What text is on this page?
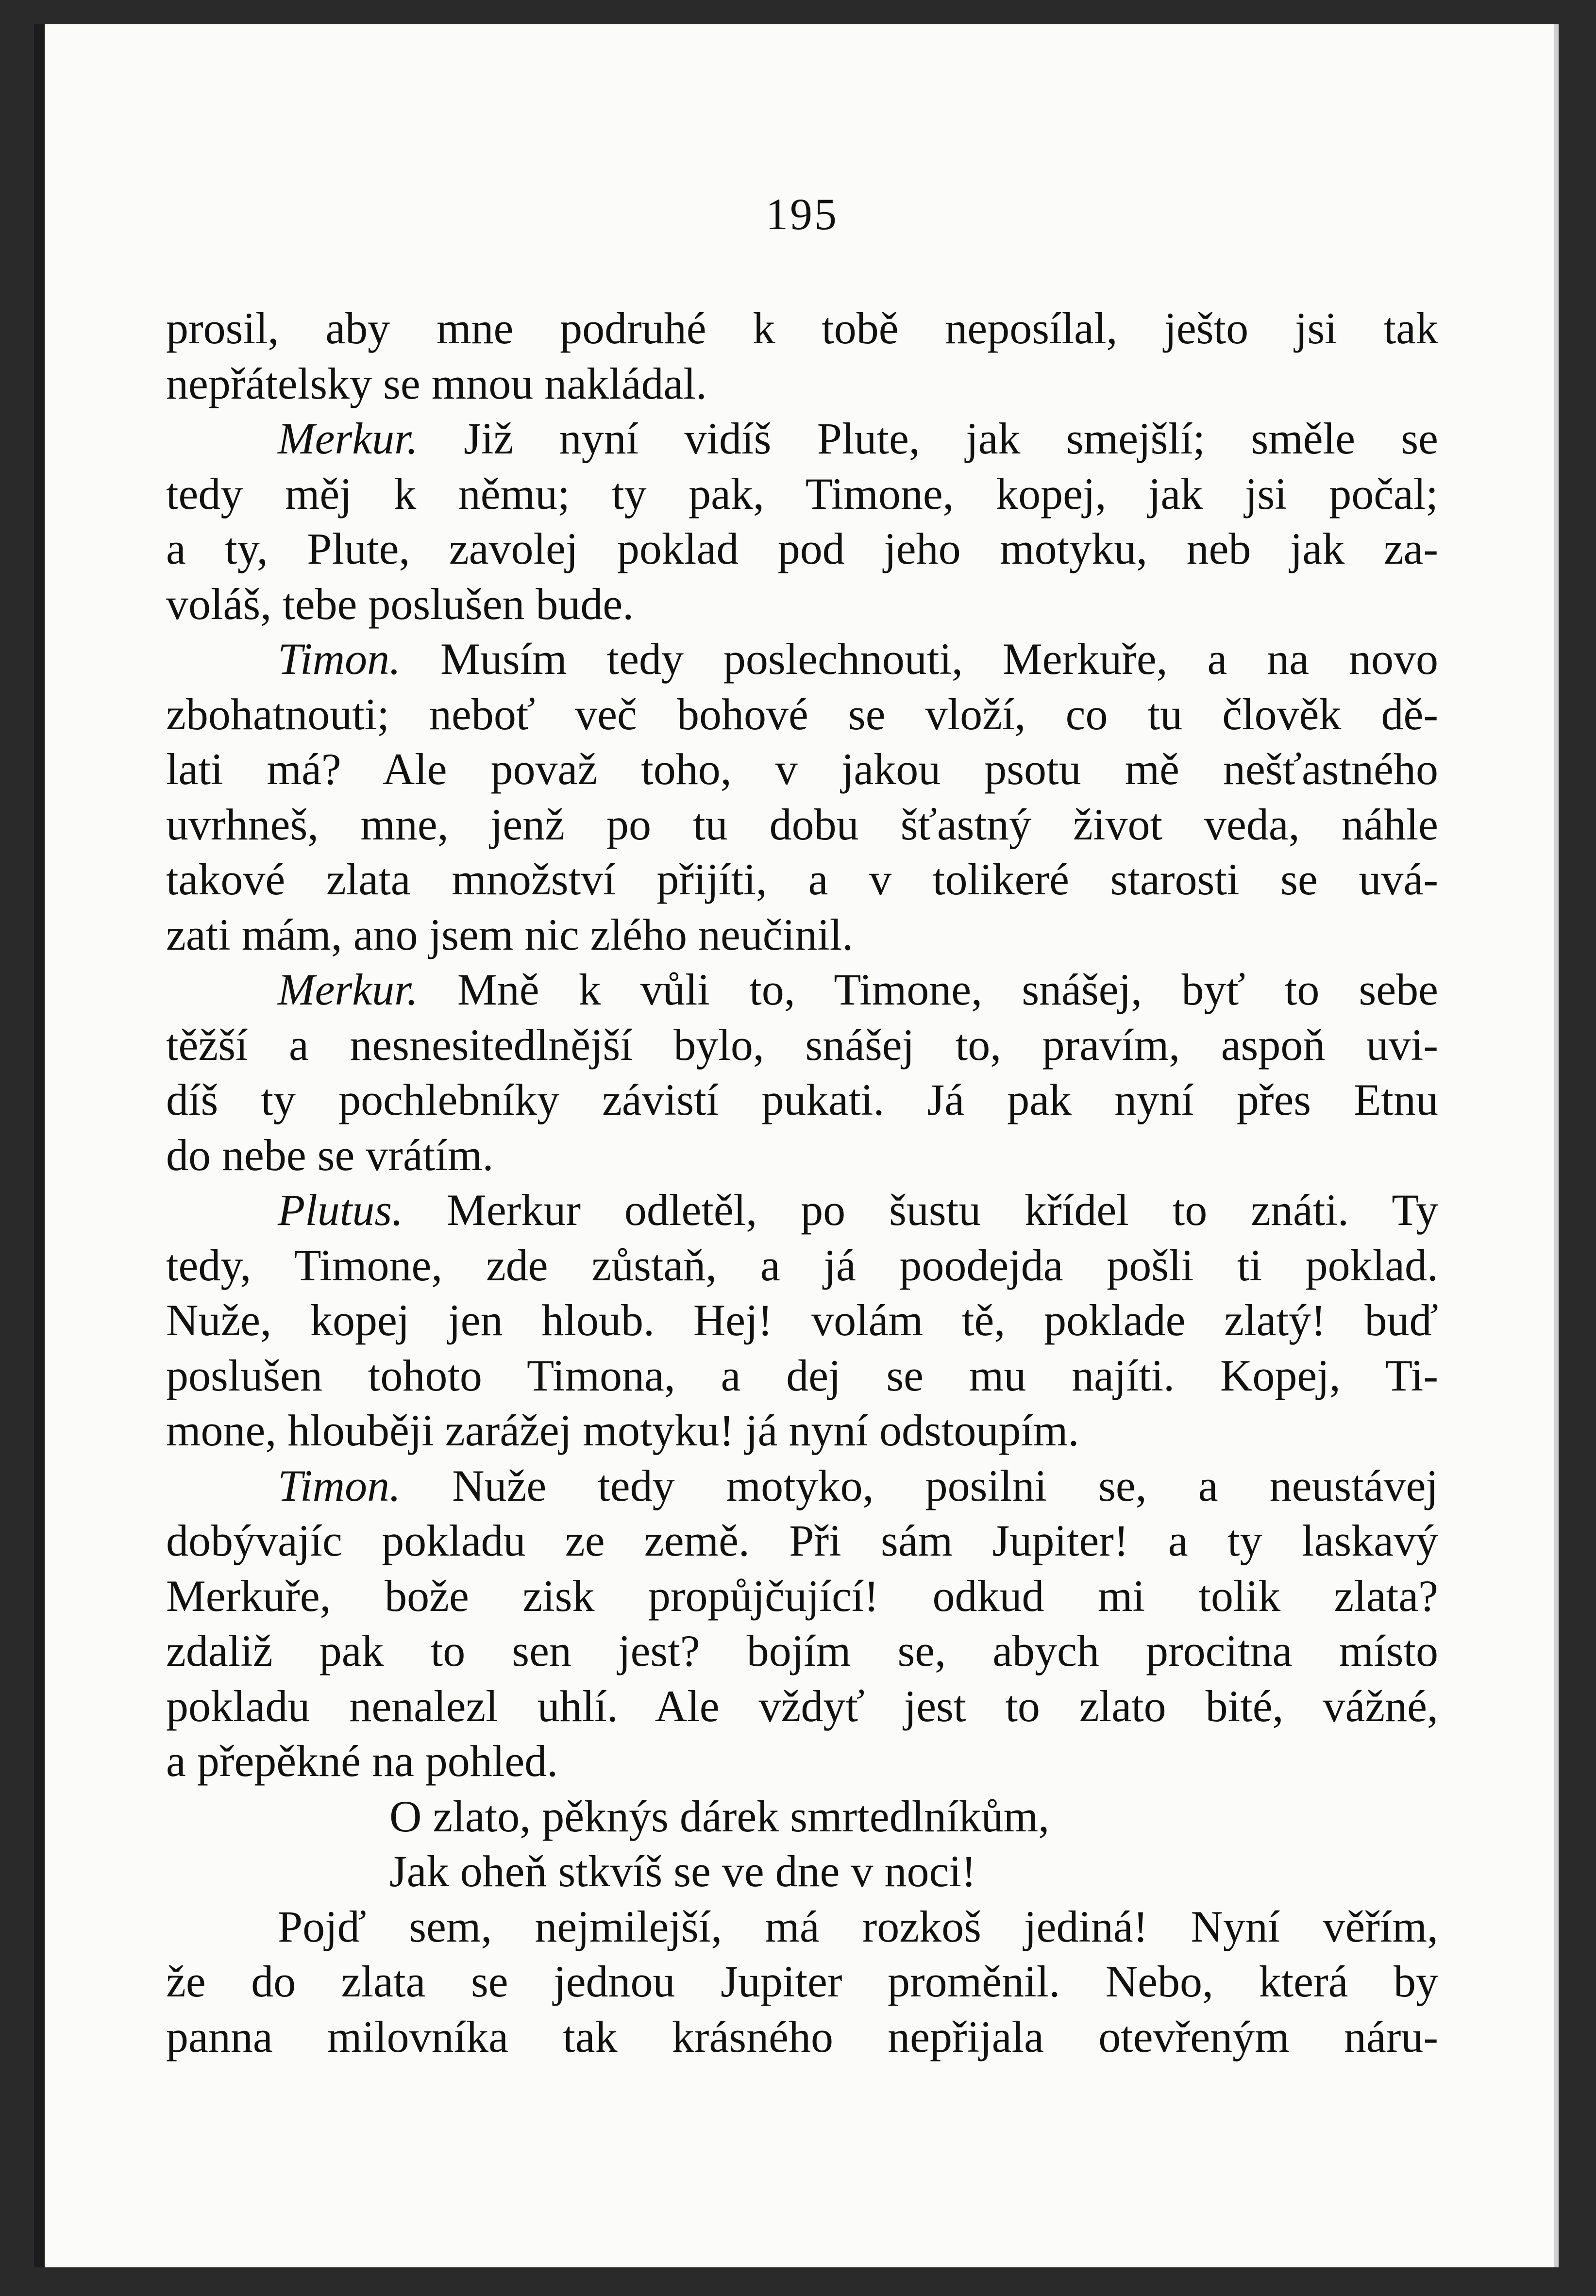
195
prosil, aby mne podruhé k tobě neposílal, ješto jsi tak
nepřátelsky se mnou nakládal.
Merkur. Již nyní vidíš Plute, jak smejšlí; směle se
tedy měj k němu; ty pak, Timone, kopej, jak jsi počal;
a ty, Plute, zavolej poklad pod jeho motyku, neb jak za-
voláš, tebe poslušen bude.
Timon. Musím tedy poslechnouti, Merkuře, a na novo
zbohatnouti; neboť več bohové se vloží, co tu člověk dě-
lati má? Ale považ toho, v jakou psotu mě nešťastného
uvrhneš, mne, jenž po tu dobu šťastný život veda, náhle
takové zlata množství přijíti, a v tolikeré starosti se uvá-
zati mám, ano jsem nic zlého neučinil.
Merkur. Mně k vůli to, Timone, snášej, byť to sebe
těžší a nesnesitedlnější bylo, snášej to, pravím, aspoň uvi-
díš ty pochlebníky závistí pukati. Já pak nyní přes Etnu
do nebe se vrátím.
Plutus. Merkur odletěl, po šustu křídel to znáti. Ty
tedy, Timone, zde zůstaň, a já poodejda pošli ti poklad.
Nuže, kopej jen hloub. Hej! volám tě, poklade zlatý! buď
poslušen tohoto Timona, a dej se mu najíti. Kopej, Ti-
mone, hlouběji zarážej motyku! já nyní odstoupím.
Timon. Nuže tedy motyko, posilni se, a neustávej
dobývajíc pokladu ze země. Při sám Jupiter! a ty laskavý
Merkuře, bože zisk propůjčující! odkud mi tolik zlata?
zdaliž pak to sen jest? bojím se, abych procitna místo
pokladu nenalezl uhlí. Ale vždyť jest to zlato bité, vážné,
a přepěkné na pohled.
O zlato, pěknýs dárek smrtedlníkům,
Jak oheň stkvíš se ve dne v noci!
Pojď sem, nejmilejší, má rozkoš jediná! Nyní věřím,
že do zlata se jednou Jupiter proměnil. Nebo, která by
panna milovníka tak krásného nepřijala otevřeným náru-
